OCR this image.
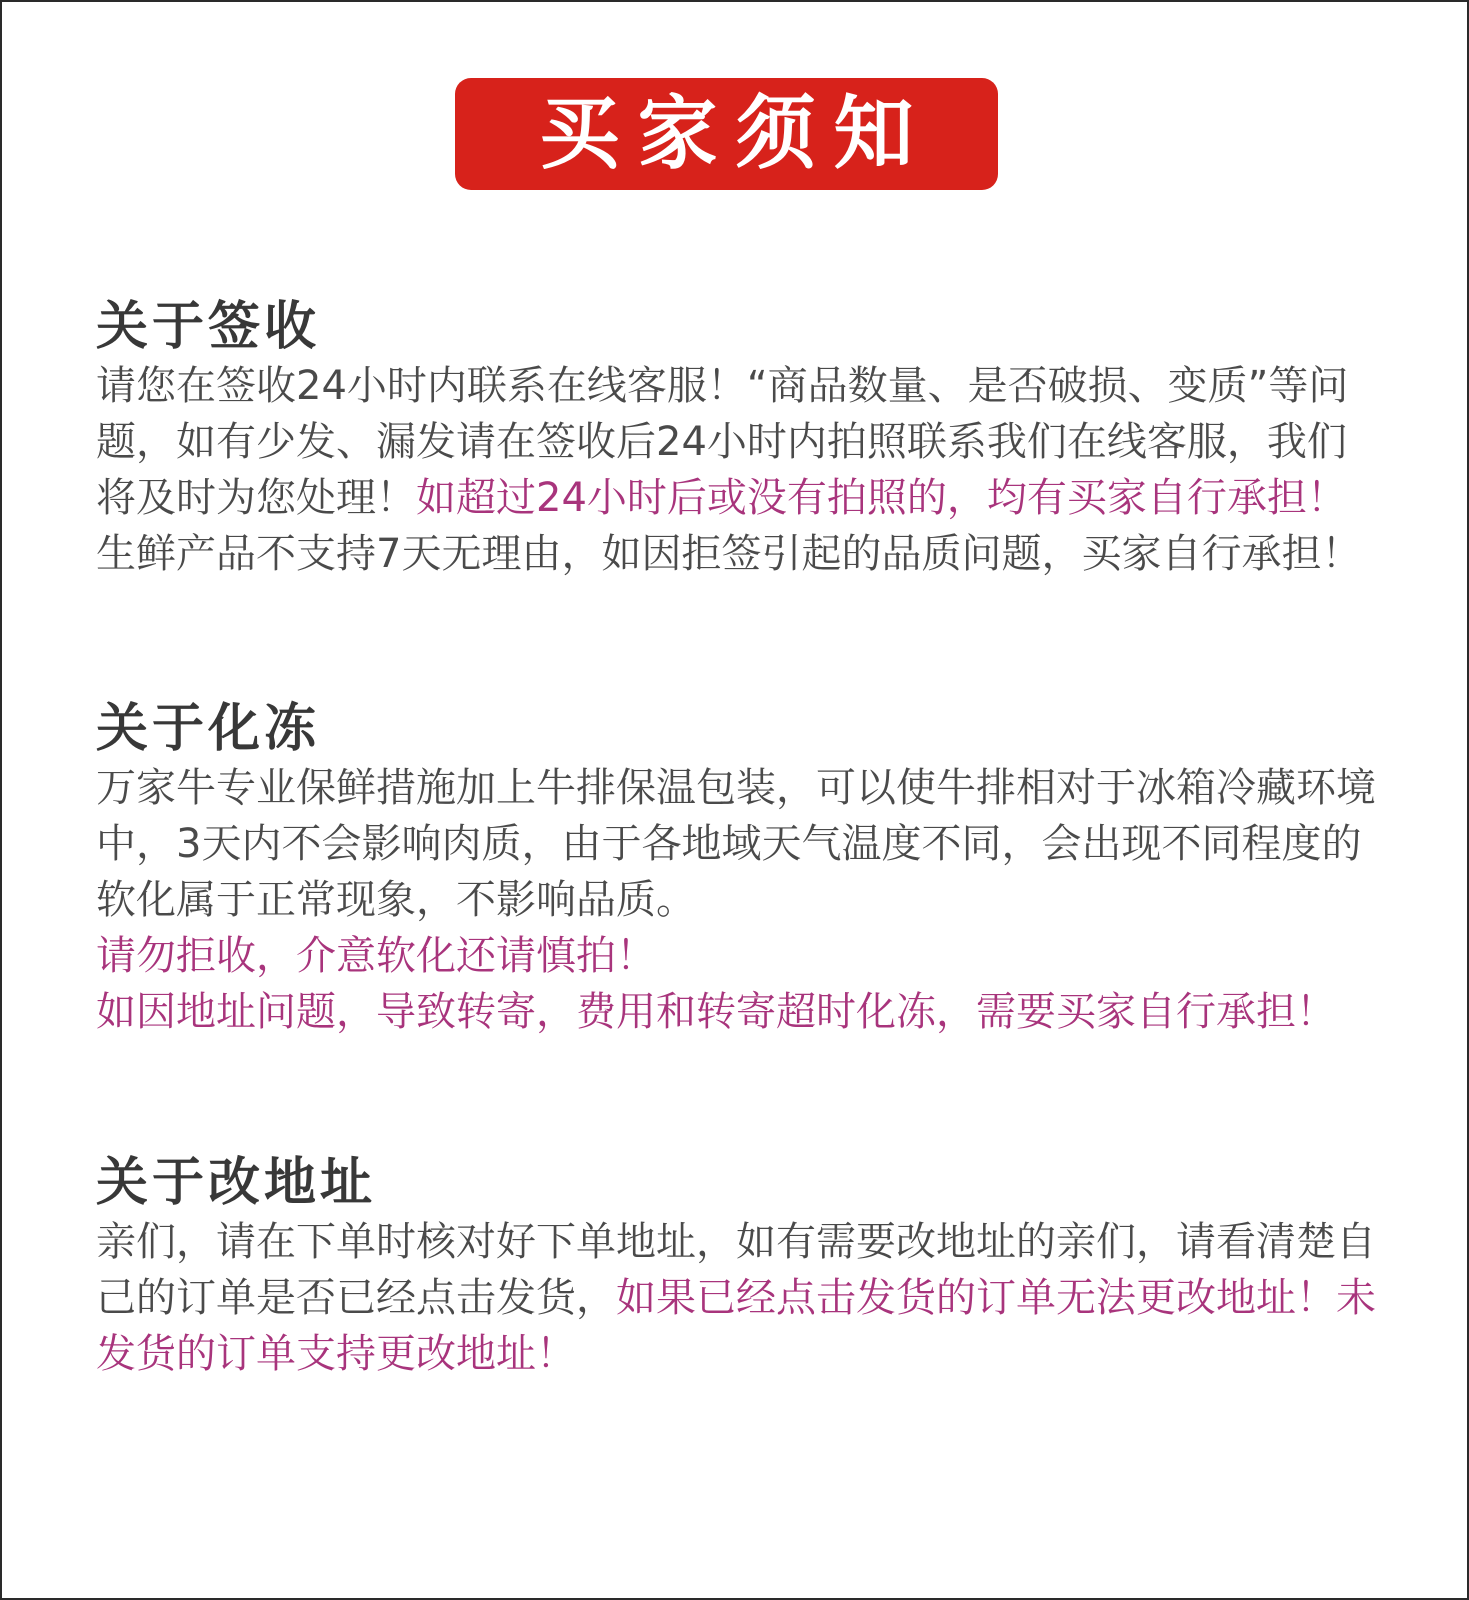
买家须知

关于签收

请您在签收24小时内联系在线客服！“商品数量、是否破损、变质”等问题，如有少发、漏发请在签收后24小时内拍照联系我们在线客服，我们将及时为您处理！如超过24小时后或没有拍照的，均有买家自行承担！生鲜产品不支持7天无理由，如因拒签引起的品质问题，买家自行承担！

关于化冻

万家牛专业保鲜措施加上牛排保温包装，可以使牛排相对于冰箱冷藏环境中，3天内不会影响肉质，由于各地域天气温度不同，会出现不同程度的软化属于正常现象，不影响品质。
请勿拒收，介意软化还请慎拍！
如因地址问题，导致转寄，费用和转寄超时化冻，需要买家自行承担！

关于改地址

亲们，请在下单时核对好下单地址，如有需要改地址的亲们，请看清楚自己的订单是否已经点击发货，如果已经点击发货的订单无法更改地址！未发货的订单支持更改地址！
